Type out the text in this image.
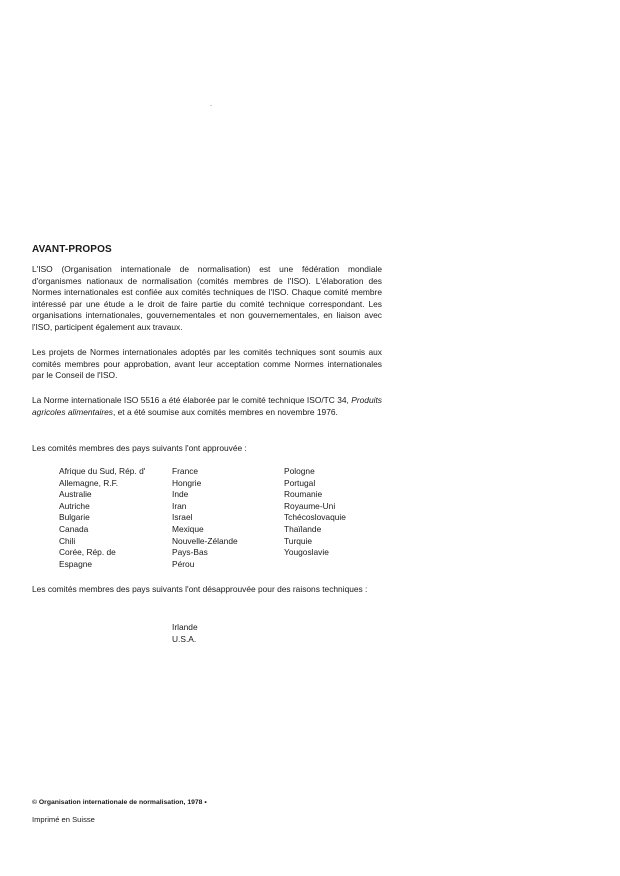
AVANT-PROPOS
L'ISO (Organisation internationale de normalisation) est une fédération mondiale d'organismes nationaux de normalisation (comités membres de l'ISO). L'élaboration des Normes internationales est confiée aux comités techniques de l'ISO. Chaque comité membre intéressé par une étude a le droit de faire partie du comité technique correspondant. Les organisations internationales, gouvernementales et non gouvernementales, en liaison avec l'ISO, participent également aux travaux.
Les projets de Normes internationales adoptés par les comités techniques sont soumis aux comités membres pour approbation, avant leur acceptation comme Normes internationales par le Conseil de l'ISO.
La Norme internationale ISO 5516 a été élaborée par le comité technique ISO/TC 34, Produits agricoles alimentaires, et a été soumise aux comités membres en novembre 1976.
Les comités membres des pays suivants l'ont approuvée :
Afrique du Sud, Rép. d'
Allemagne, R.F.
Australie
Autriche
Bulgarie
Canada
Chili
Corée, Rép. de
Espagne
France
Hongrie
Inde
Iran
Israel
Mexique
Nouvelle-Zélande
Pays-Bas
Pérou
Pologne
Portugal
Roumanie
Royaume-Uni
Tchécoslovaquie
Thaïlande
Turquie
Yougoslavie
Les comités membres des pays suivants l'ont désapprouvée pour des raisons techniques :
Irlande
U.S.A.
© Organisation internationale de normalisation, 1978 •
Imprimé en Suisse
